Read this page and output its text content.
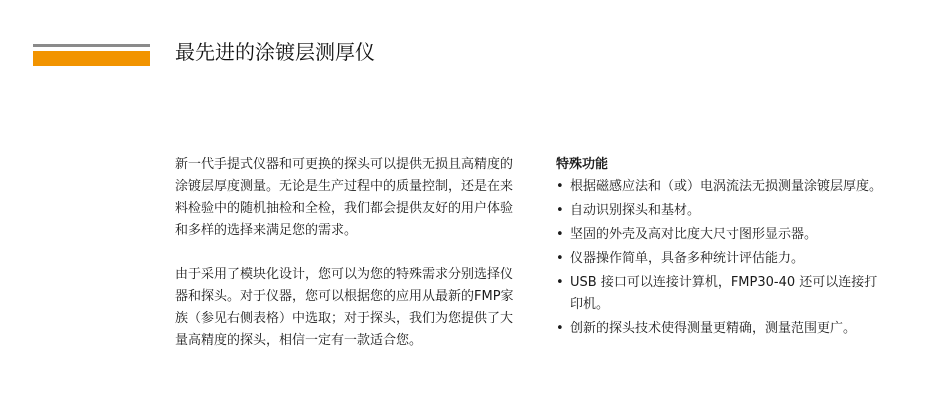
最先进的涂镀层测厚仪

新一代手提式仪器和可更换的探头可以提供无损且高精度的涂镀层厚度测量。无论是生产过程中的质量控制，还是在来料检验中的随机抽检和全检，我们都会提供友好的用户体验和多样的选择来满足您的需求。

由于采用了模块化设计，您可以为您的特殊需求分别选择仪器和探头。对于仪器，您可以根据您的应用从最新的FMP家族（参见右侧表格）中选取；对于探头，我们为您提供了大量高精度的探头，相信一定有一款适合您。

特殊功能
• 根据磁感应法和（或）电涡流法无损测量涂镀层厚度。
• 自动识别探头和基材。
• 坚固的外壳及高对比度大尺寸图形显示器。
• 仪器操作简单，具备多种统计评估能力。
• USB 接口可以连接计算机，FMP30-40 还可以连接打印机。
• 创新的探头技术使得测量更精确，测量范围更广。
